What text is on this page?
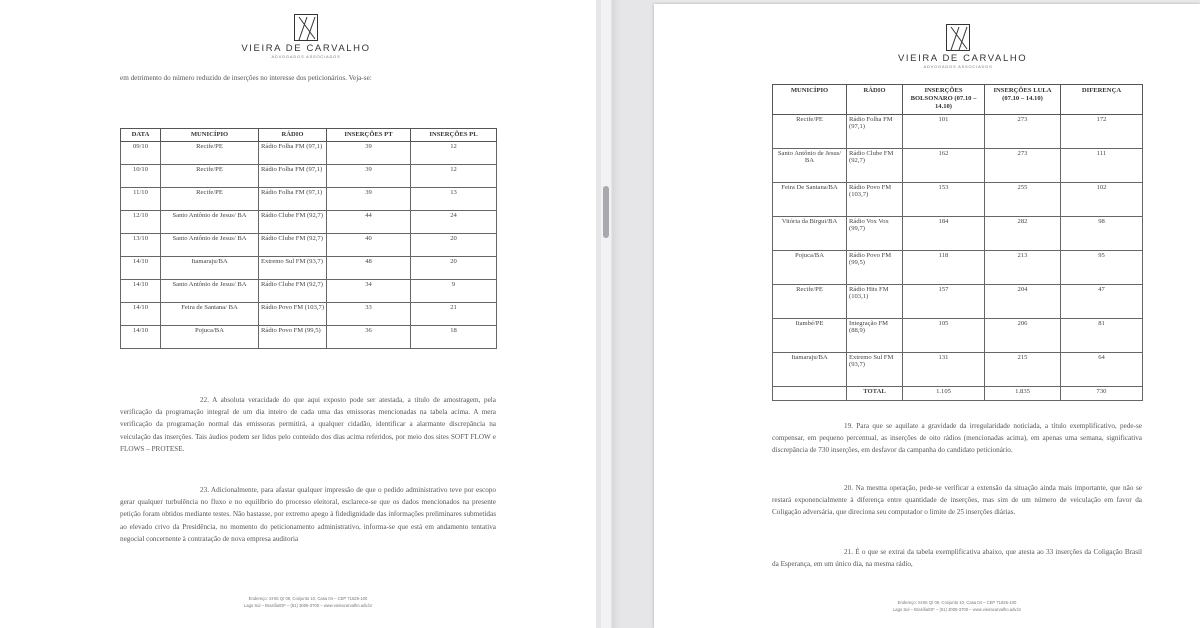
VIEIRA DE CARVALHO
ADVOGADOS ASSOCIADOS
em detrimento do número reduzido de inserções no interesse dos peticionários. Veja-se:
DATA	MUNICÍPIO	RÁDIO	INSERÇÕES PT	INSERÇÕES PL
09/10	Recife/PE	Rádio Folha FM (97,1)	39	12
10/10	Recife/PE	Rádio Folha FM (97,1)	39	12
11/10	Recife/PE	Rádio Folha FM (97,1)	39	13
12/10	Santo Antônio de Jesus/ BA	Rádio Clube FM (92,7)	44	24
13/10	Santo Antônio de Jesus/ BA	Rádio Clube FM (92,7)	40	20
14/10	Itamaraju/BA	Extremo Sul FM (93,7)	48	20
14/10	Santo Antônio de Jesus/ BA	Rádio Clube FM (92,7)	34	9
14/10	Feira de Santana/ BA	Rádio Povo FM (103,7)	33	21
14/10	Pojuca/BA	Rádio Povo FM (99,5)	36	18
22. A absoluta veracidade do que aqui exposto pode ser atestada, a título de amostragem, pela verificação da programação integral de um dia inteiro de cada uma das emissoras mencionadas na tabela acima. A mera verificação da programação normal das emissoras permitirá, a qualquer cidadão, identificar a alarmante discrepância na veiculação das inserções. Tais áudios podem ser lidos pelo conteúdo dos dias acima referidos, por meio dos sites SOFT FLOW e FLOWS – PROTESE.
23. Adicionalmente, para afastar qualquer impressão de que o pedido administrativo teve por escopo gerar qualquer turbulência no fluxo e no equilíbrio do processo eleitoral, esclarece-se que os dados mencionados na presente petição foram obtidos mediante testes. Não bastasse, por extremo apego à fidedignidade das informações preliminares submetidas ao elevado crivo da Presidência, no momento do peticionamento administrativo, informa-se que está em andamento tentativa negocial concernente à contratação de nova empresa auditoria
Endereço: SHIS QI 09, Conjunto 10, Casa 04 – CEP 71625-100
Lago Sul – Brasília/DF – (61) 3006-3700 – www.vieiracarvalho.adv.br
VIEIRA DE CARVALHO
ADVOGADOS ASSOCIADOS
MUNICÍPIO	RÁDIO	INSERÇÕES BOLSONARO (07.10 – 14.10)	INSERÇÕES LULA (07.10 – 14.10)	DIFERENÇA
Recife/PE	Rádio Folha FM (97,1)	101	273	172
Santo Antônio de Jesus/ BA	Rádio Clube FM (92,7)	162	273	111
Feira De Santana/BA	Rádio Povo FM (103,7)	153	255	102
Vitória da Birgui/BA	Rádio Vox Vox (99,7)	184	282	98
Pojuca/BA	Rádio Povo FM (99,5)	118	213	95
Recife/PE	Rádio Hits FM (103,1)	157	204	47
Itambé/PE	Integração FM (88,9)	105	206	81
Itamaraju/BA	Extremo Sul FM (93,7)	131	215	64
	TOTAL	1.105	1.835	730
19. Para que se aquilate a gravidade da irregularidade noticiada, a título exemplificativo, pede-se compensar, em pequeno percentual, as inserções de oito rádios (mencionadas acima), em apenas uma semana, significativa discrepância de 730 inserções, em desfavor da campanha do candidato peticionário.
20. Na mesma operação, pede-se verificar a extensão da situação ainda mais importante, que não se restará exponencialmente à diferença entre quantidade de inserções, mas sim de um número de veiculação em favor da Coligação adversária, que direciona seu computador o limite de 25 inserções diárias.
21. É o que se extrai da tabela exemplificativa abaixo, que atesta ao 33 inserções da Coligação Brasil da Esperança, em um único dia, na mesma rádio,
Endereço: SHIS QI 09, Conjunto 10, Casa 04 – CEP 71625-100
Lago Sul – Brasília/DF – (61) 3006-3700 – www.vieiracarvalho.adv.br
